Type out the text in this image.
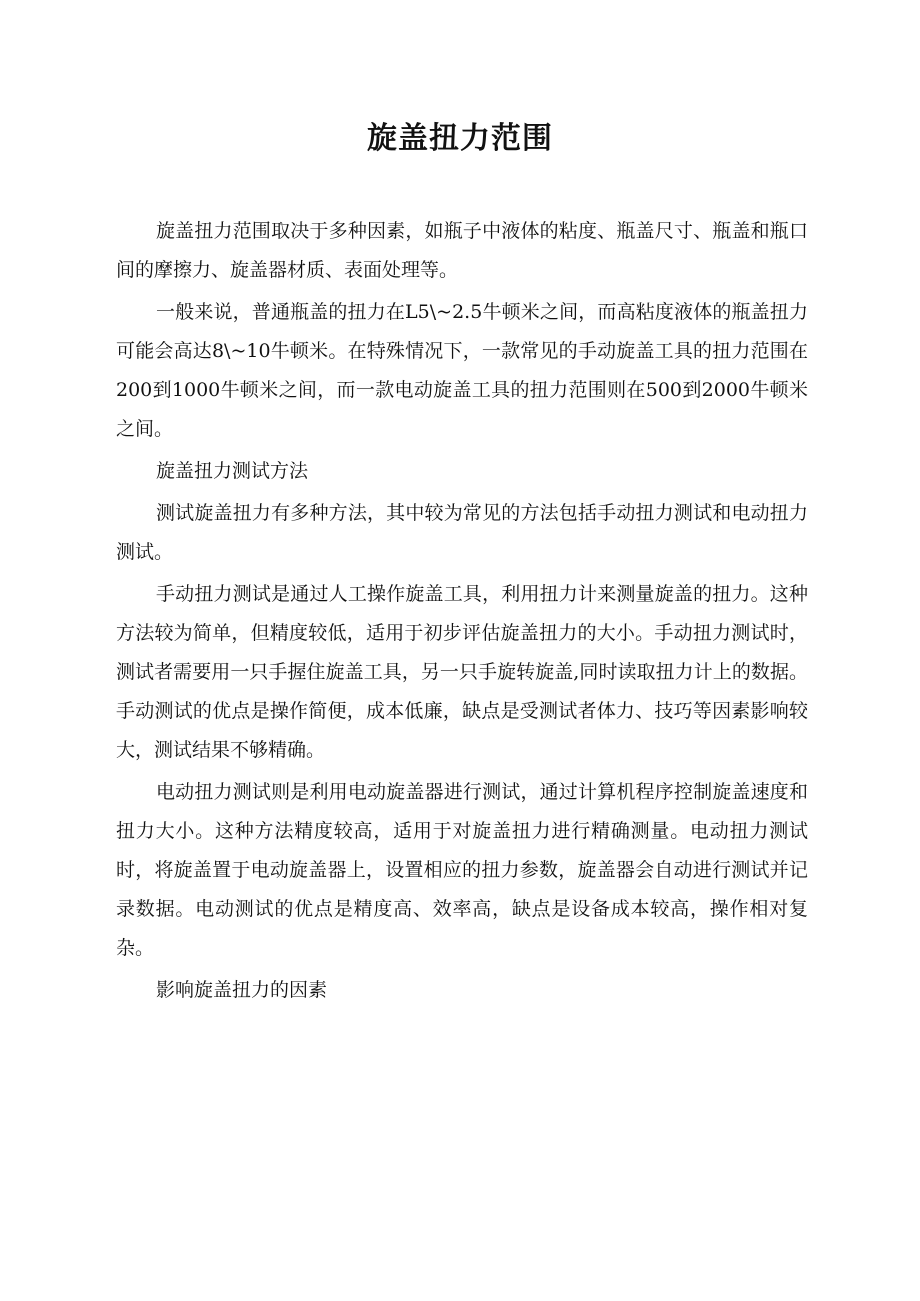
旋盖扭力范围

旋盖扭力范围取决于多种因素，如瓶子中液体的粘度、瓶盖尺寸、瓶盖和瓶口间的摩擦力、旋盖器材质、表面处理等。

一般来说，普通瓶盖的扭力在L5\~2.5牛顿米之间，而高粘度液体的瓶盖扭力可能会高达8\~10牛顿米。在特殊情况下，一款常见的手动旋盖工具的扭力范围在200到1000牛顿米之间，而一款电动旋盖工具的扭力范围则在500到2000牛顿米之间。

旋盖扭力测试方法

测试旋盖扭力有多种方法，其中较为常见的方法包括手动扭力测试和电动扭力测试。

手动扭力测试是通过人工操作旋盖工具，利用扭力计来测量旋盖的扭力。这种方法较为简单，但精度较低，适用于初步评估旋盖扭力的大小。手动扭力测试时，测试者需要用一只手握住旋盖工具，另一只手旋转旋盖,同时读取扭力计上的数据。手动测试的优点是操作简便，成本低廉，缺点是受测试者体力、技巧等因素影响较大，测试结果不够精确。

电动扭力测试则是利用电动旋盖器进行测试，通过计算机程序控制旋盖速度和扭力大小。这种方法精度较高，适用于对旋盖扭力进行精确测量。电动扭力测试时，将旋盖置于电动旋盖器上，设置相应的扭力参数，旋盖器会自动进行测试并记录数据。电动测试的优点是精度高、效率高，缺点是设备成本较高，操作相对复杂。

影响旋盖扭力的因素
